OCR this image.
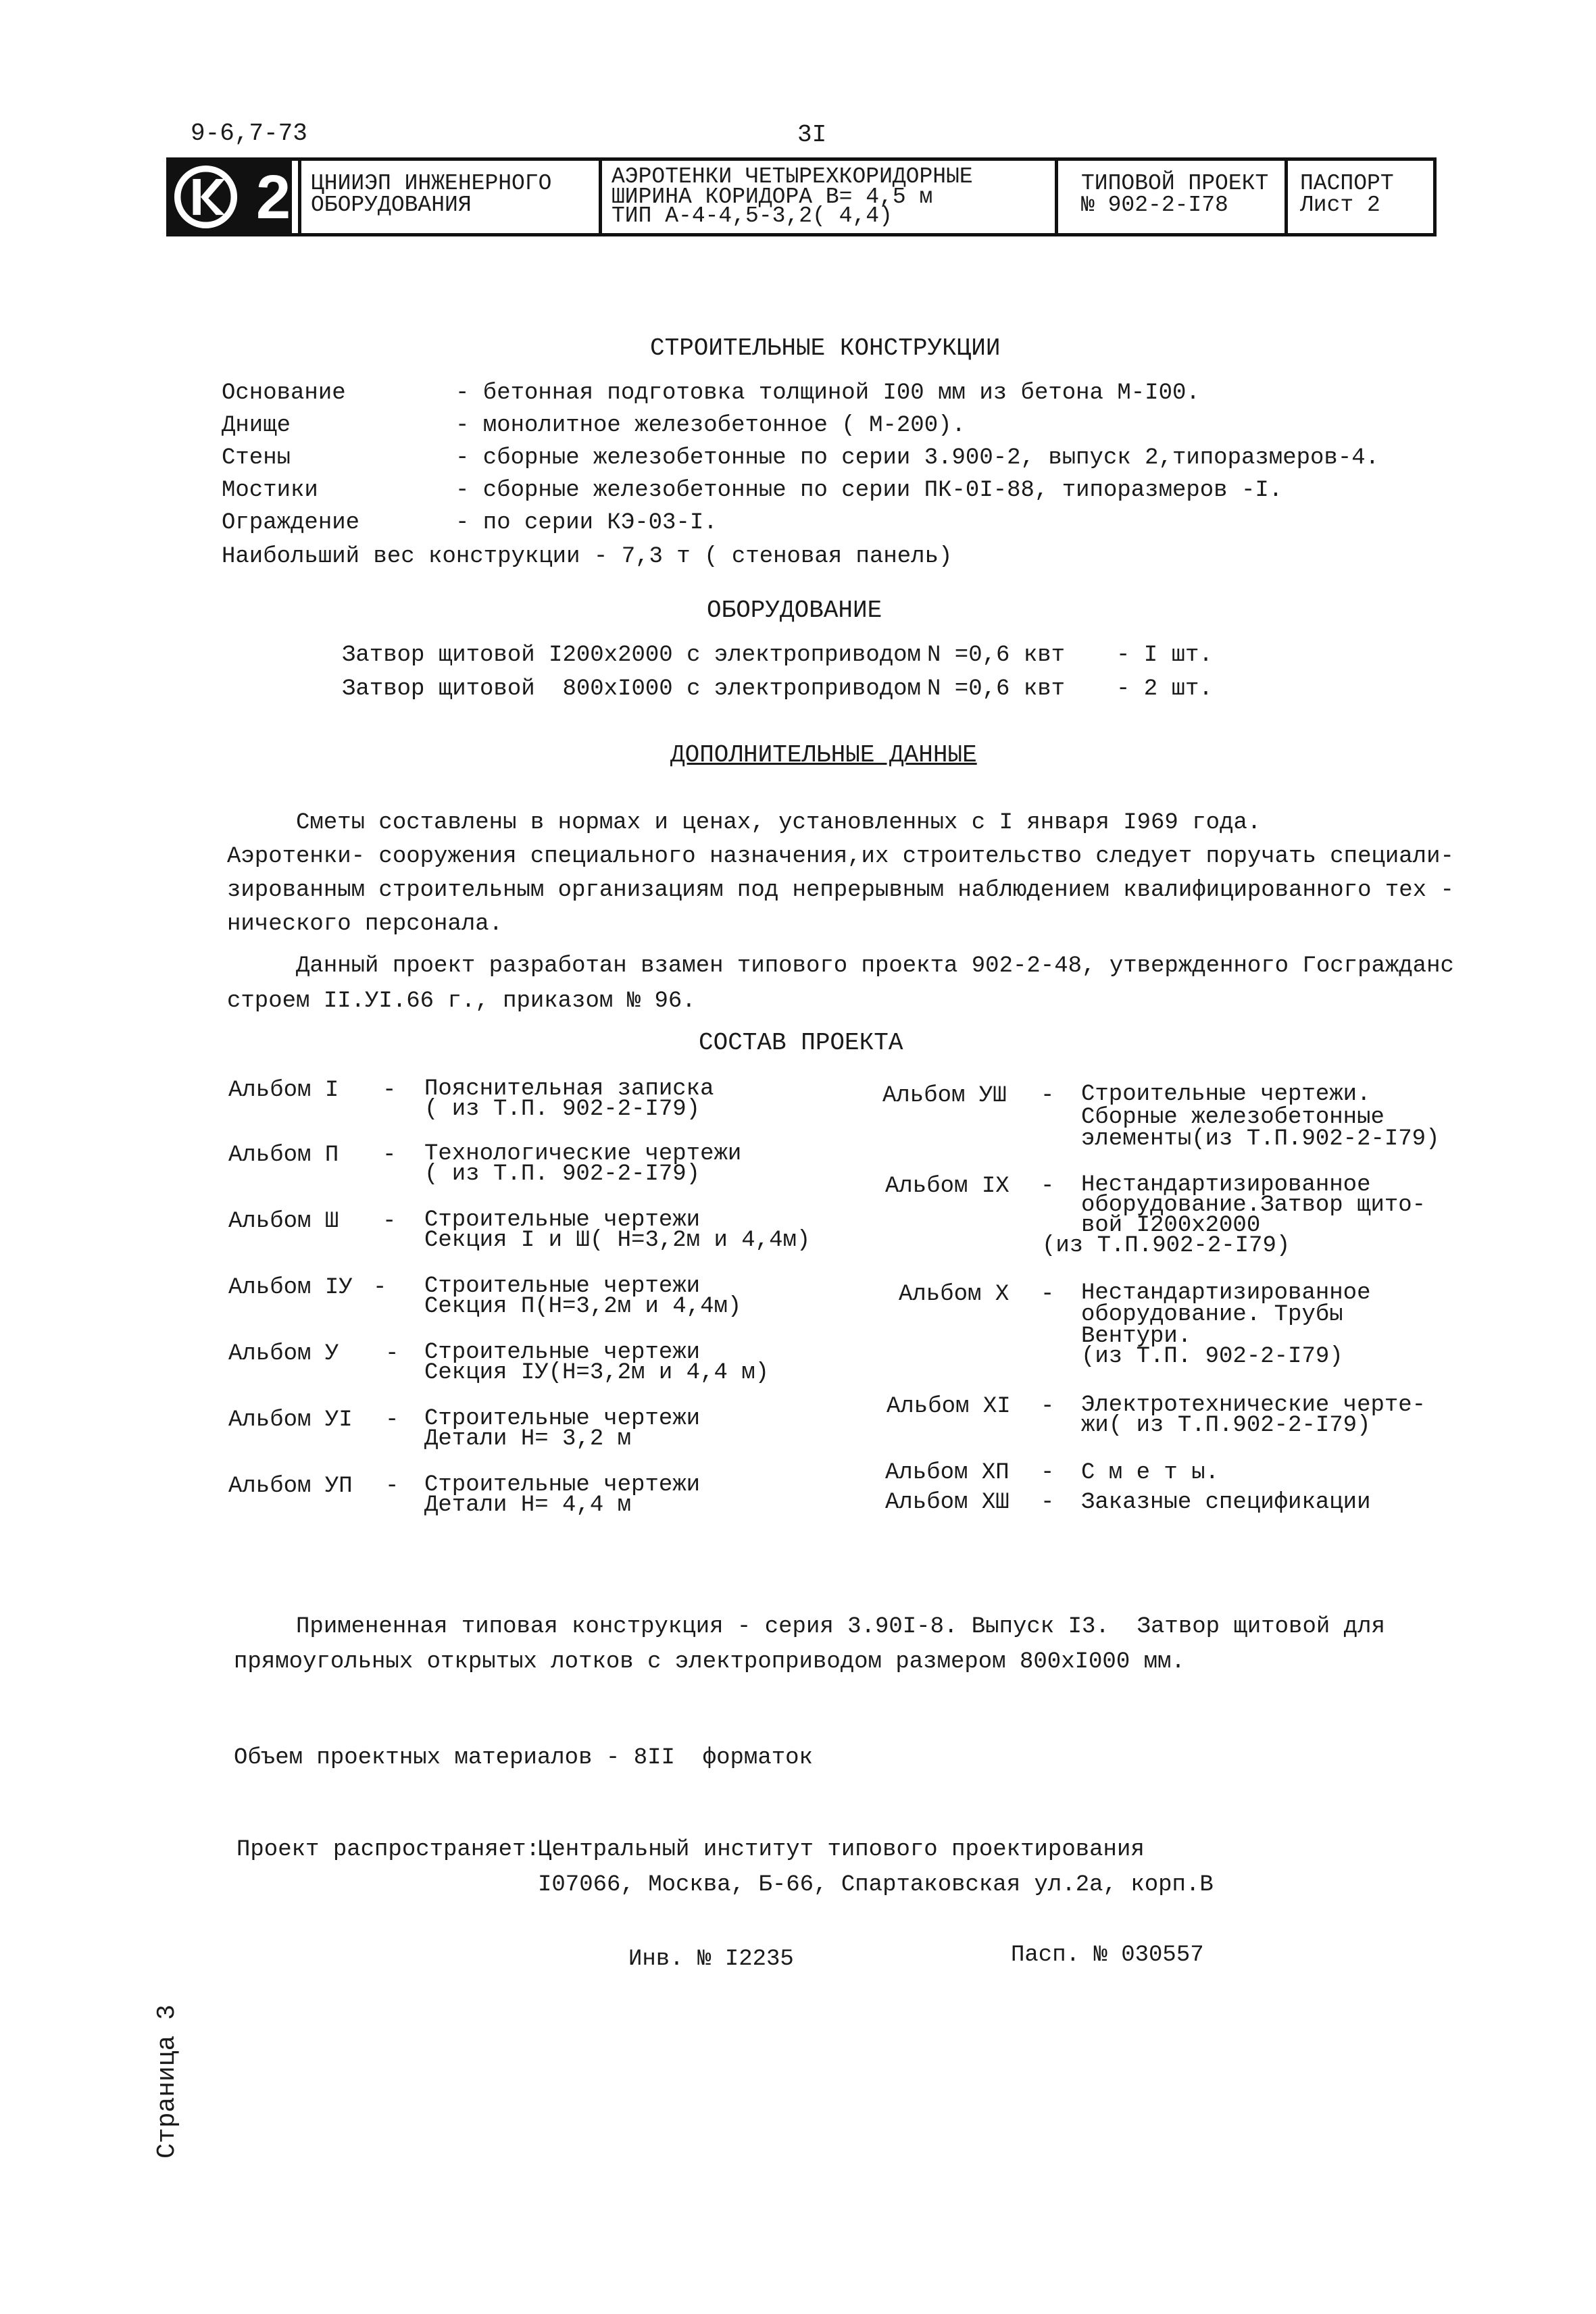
9-6,7-73	3I
2 ЦНИИЭП ИНЖЕНЕРНОГО
ОБОРУДОВАНИЯ
АЭРОТЕНКИ ЧЕТЫРЕХКОРИДОРНЫЕ
ШИРИНА КОРИДОРА В= 4,5 м
ТИП А-4-4,5-3,2( 4,4)
ТИПОВОЙ ПРОЕКТ
№ 902-2-I78
ПАСПОРТ
Лист 2
СТРОИТЕЛЬНЫЕ КОНСТРУКЦИИ
Основание	- бетонная подготовка толщиной I00 мм из бетона М-I00.
Днище	- монолитное железобетонное ( М-200).
Стены	- сборные железобетонные по серии 3.900-2, выпуск 2,типоразмеров-4.
Мостики	- сборные железобетонные по серии ПК-0I-88, типоразмеров -I.
Ограждение	- по серии КЭ-03-I.
Наибольший вес конструкции - 7,3 т ( стеновая панель)
ОБОРУДОВАНИЕ
Затвор щитовой I200х2000 с электроприводом N =0,6 квт - I шт.
Затвор щитовой  800хI000 с электроприводом N =0,6 квт - 2 шт.
ДОПОЛНИТЕЛЬНЫЕ ДАННЫЕ
Сметы составлены в нормах и ценах, установленных с I января I969 года.
Аэротенки- сооружения специального назначения,их строительство следует поручать специали-
зированным строительным организациям под непрерывным наблюдением квалифицированного тех -
нического персонала.
Данный проект разработан взамен типового проекта 902-2-48, утвержденного Госгражданс
строем II.УI.66 г., приказом № 96.
СОСТАВ ПРОЕКТА
Альбом I - Пояснительная записка
( из Т.П. 902-2-I79)
Альбом П - Технологические чертежи
( из Т.П. 902-2-I79)
Альбом Ш - Строительные чертежи
Секция I и Ш( Н=3,2м и 4,4м)
Альбом IУ - Строительные чертежи
Секция П(Н=3,2м и 4,4м)
Альбом У - Строительные чертежи
Секция IУ(Н=3,2м и 4,4 м)
Альбом УI - Строительные чертежи
Детали Н= 3,2 м
Альбом УП - Строительные чертежи
Детали Н= 4,4 м
Альбом УШ - Строительные чертежи.
Сборные железобетонные
элементы(из Т.П.902-2-I79)
Альбом IХ - Нестандартизированное
оборудование.Затвор щито-
вой I200х2000
(из Т.П.902-2-I79)
Альбом Х - Нестандартизированное
оборудование. Трубы
Вентури.
(из Т.П. 902-2-I79)
Альбом ХI - Электротехнические черте-
жи( из Т.П.902-2-I79)
Альбом ХП - С м е т ы.
Альбом ХШ - Заказные спецификации
Примененная типовая конструкция - серия 3.90I-8. Выпуск I3.  Затвор щитовой для
прямоугольных открытых лотков с электроприводом размером 800хI000 мм.
Объем проектных материалов - 8II  форматок
Проект распространяет:
Центральный институт типового проектирования
I07066, Москва, Б-66, Спартаковская ул.2а, корп.В
Инв. № I2235	Пасп. № 030557
Страница 3
